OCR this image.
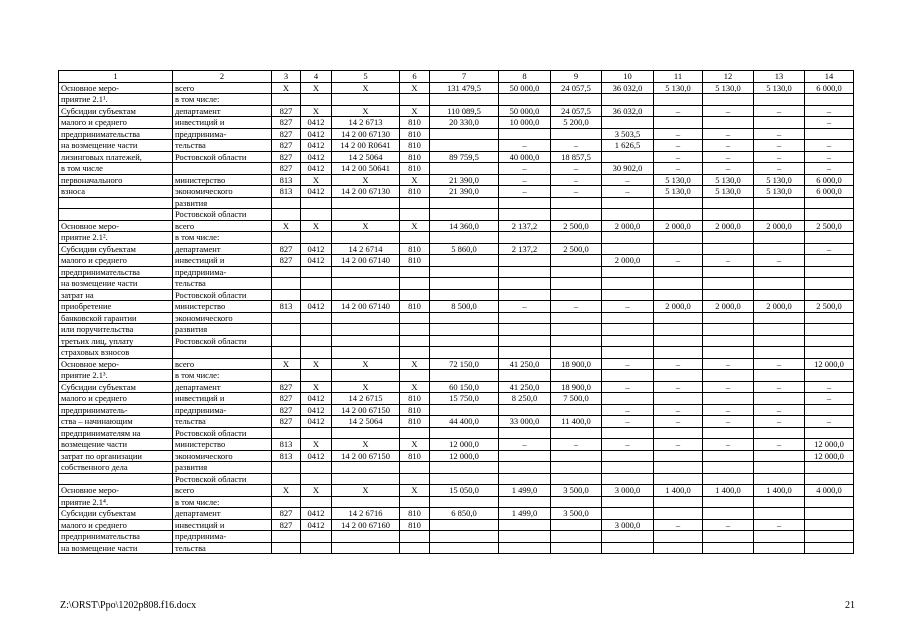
1	2	3	4	5	6	7	8	9	10	11	12	13	14
Основное меро-	всего	X	X	X	X	131 479,5	50 000,0	24 057,5	36 032,0	5 130,0	5 130,0	5 130,0	6 000,0
приятие 2.1¹.	в том числе:												
Субсидии субъектам	департамент	827	X	X	X	110 089,5	50 000,0	24 057,5	36 032,0	–	–	–	–
малого и среднего	инвестиций и	827	0412	14 2 6713	810	20 330,0	10 000,0	5 200,0					–
предпринимательства	предпринима-	827	0412	14 2 00 67130	810				3 503,5	–	–	–	
на возмещение части	тельства	827	0412	14 2 00 R0641	810		–	–	1 626,5	–	–	–	–
лизинговых платежей,	Ростовской области	827	0412	14 2 5064	810	89 759,5	40 000,0	18 857,5		–	–	–	–
в том числе		827	0412	14 2 00 50641	810		–	–	30 902,0	–	–	–	–
первоначального	министерство	813	X	X	X	21 390,0	–	–	–	5 130,0	5 130,0	5 130,0	6 000,0
взноса	экономического	813	0412	14 2 00 67130	810	21 390,0	–	–	–	5 130,0	5 130,0	5 130,0	6 000,0
	развития												
	Ростовской области												
Основное меро-	всего	X	X	X	X	14 360,0	2 137,2	2 500,0	2 000,0	2 000,0	2 000,0	2 000,0	2 500,0
приятие 2.1².	в том числе:												
Субсидии субъектам	департамент	827	0412	14 2 6714	810	5 860,0	2 137,2	2 500,0					–
малого и среднего	инвестиций и	827	0412	14 2 00 67140	810				2 000,0	–	–	–	
предпринимательства	предпринима-												
на возмещение части	тельства												
затрат на	Ростовской области												
приобретение	министерство	813	0412	14 2 00 67140	810	8 500,0	–	–	–	2 000,0	2 000,0	2 000,0	2 500,0
банковской гарантии	экономического												
или поручительства	развития												
третьих лиц, уплату	Ростовской области												
страховых взносов													
Основное меро-	всего	X	X	X	X	72 150,0	41 250,0	18 900,0	–	–	–	–	12 000,0
приятие 2.1³.	в том числе:												
Субсидии субъектам	департамент	827	X	X	X	60 150,0	41 250,0	18 900,0	–	–	–	–	–
малого и среднего	инвестиций и	827	0412	14 2 6715	810	15 750,0	8 250,0	7 500,0					–
предприниматель-	предпринима-	827	0412	14 2 00 67150	810				–	–	–	–	
ства – начинающим	тельства	827	0412	14 2 5064	810	44 400,0	33 000,0	11 400,0	–	–	–	–	–
предпринимателям на	Ростовской области												
возмещение части	министерство	813	X	X	X	12 000,0	–	–	–	–	–	–	12 000,0
затрат по организации	экономического	813	0412	14 2 00 67150	810	12 000,0							12 000,0
собственного дела	развития												
	Ростовской области												
Основное меро-	всего	X	X	X	X	15 050,0	1 499,0	3 500,0	3 000,0	1 400,0	1 400,0	1 400,0	4 000,0
приятие 2.1⁴.	в том числе:												
Субсидии субъектам	департамент	827	0412	14 2 6716	810	6 850,0	1 499,0	3 500,0					
малого и среднего	инвестиций и	827	0412	14 2 00 67160	810				3 000,0	–	–	–	
предпринимательства	предпринима-												
на возмещение части	тельства												
Z:\ORST\Ppo\1202p808.f16.docx	21
